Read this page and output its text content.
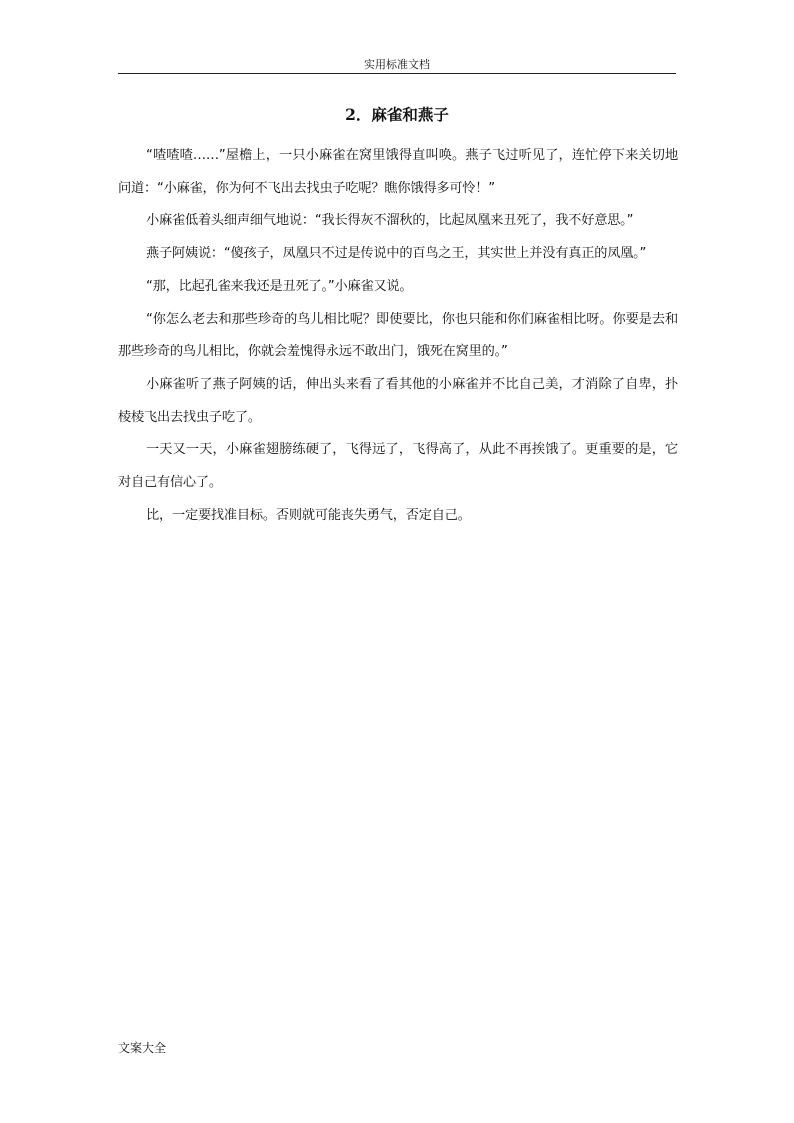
实用标准文档
2．麻雀和燕子

“喳喳喳……”屋檐上，一只小麻雀在窝里饿得直叫唤。燕子飞过听见了，连忙停下来关切地问道：“小麻雀，你为何不飞出去找虫子吃呢？瞧你饿得多可怜！”

小麻雀低着头细声细气地说：“我长得灰不溜秋的，比起凤凰来丑死了，我不好意思。”

燕子阿姨说：“傻孩子，凤凰只不过是传说中的百鸟之王，其实世上并没有真正的凤凰。”

“那，比起孔雀来我还是丑死了。”小麻雀又说。

“你怎么老去和那些珍奇的鸟儿相比呢？即使要比，你也只能和你们麻雀相比呀。你要是去和那些珍奇的鸟儿相比，你就会羞愧得永远不敢出门，饿死在窝里的。”

小麻雀听了燕子阿姨的话，伸出头来看了看其他的小麻雀并不比自己美，才消除了自卑，扑棱棱飞出去找虫子吃了。

一天又一天，小麻雀翅膀练硬了，飞得远了，飞得高了，从此不再挨饿了。更重要的是，它对自己有信心了。

比，一定要找准目标。否则就可能丧失勇气，否定自己。

文案大全
